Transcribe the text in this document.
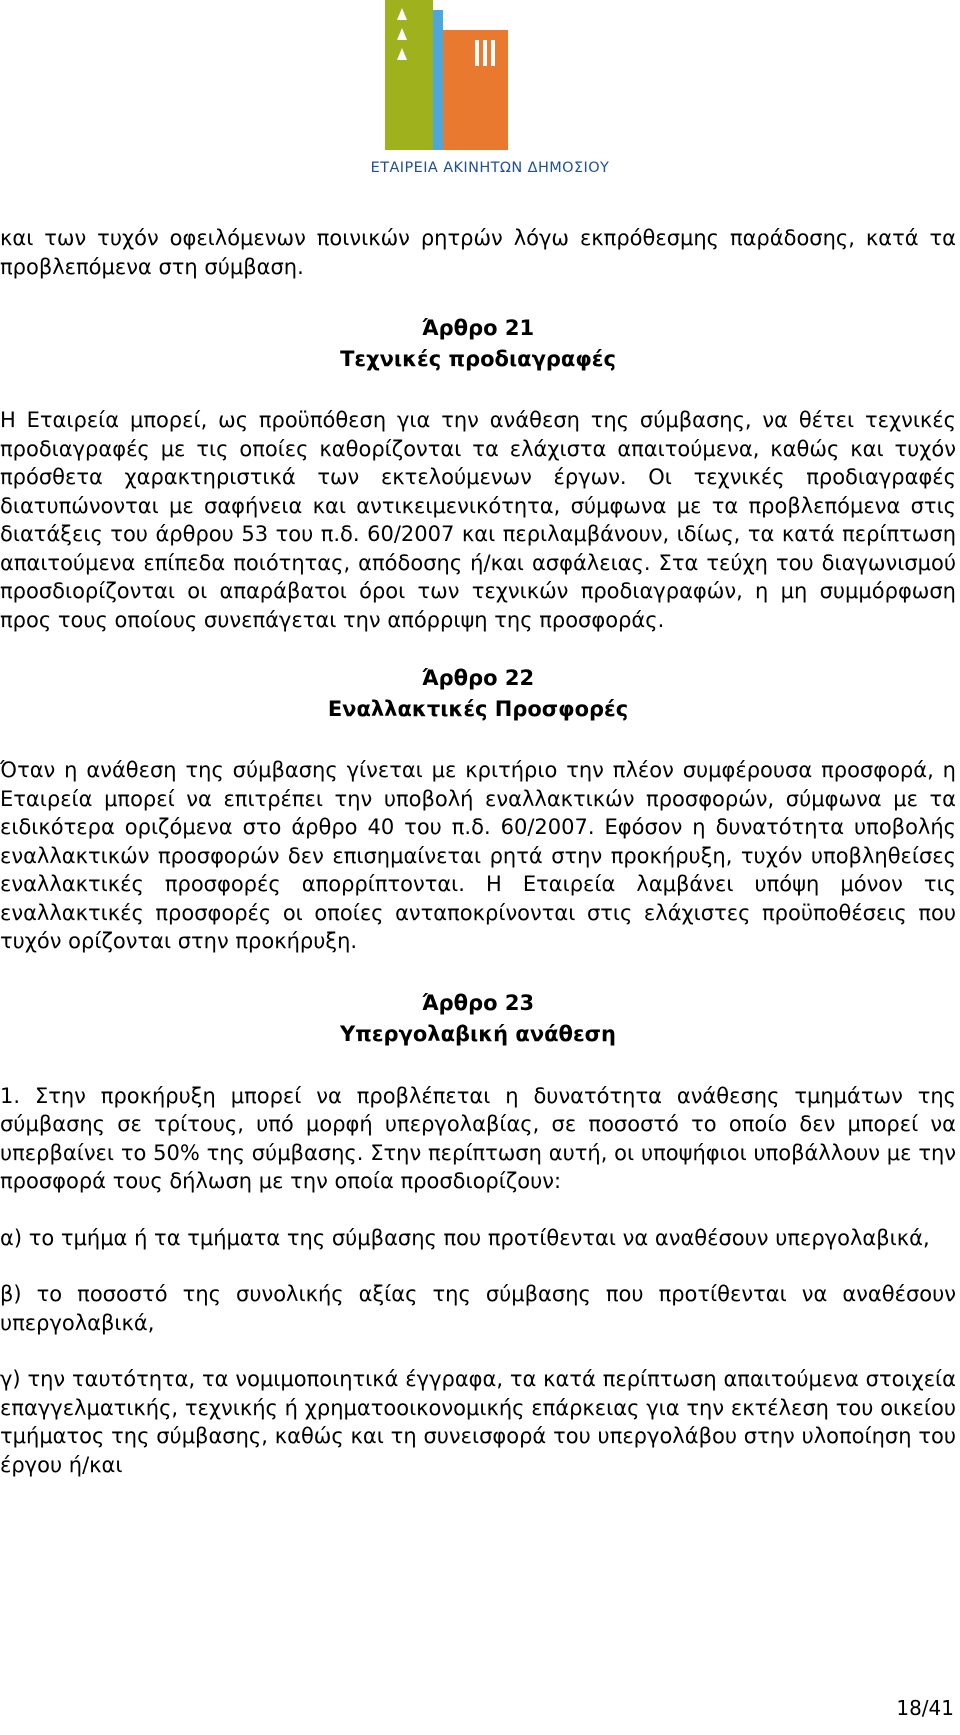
ΕΤΑΙΡΕΙΑ ΑΚΙΝΗΤΩΝ ΔΗΜΟΣΙΟΥ

και των τυχόν οφειλόμενων ποινικών ρητρών λόγω εκπρόθεσμης παράδοσης, κατά τα προβλεπόμενα στη σύμβαση.

Άρθρο 21
Τεχνικές προδιαγραφές

Η Εταιρεία μπορεί, ως προϋπόθεση για την ανάθεση της σύμβασης, να θέτει τεχνικές προδιαγραφές με τις οποίες καθορίζονται τα ελάχιστα απαιτούμενα, καθώς και τυχόν πρόσθετα χαρακτηριστικά των εκτελούμενων έργων. Οι τεχνικές προδιαγραφές διατυπώνονται με σαφήνεια και αντικειμενικότητα, σύμφωνα με τα προβλεπόμενα στις διατάξεις του άρθρου 53 του π.δ. 60/2007 και περιλαμβάνουν, ιδίως, τα κατά περίπτωση απαιτούμενα επίπεδα ποιότητας, απόδοσης ή/και ασφάλειας. Στα τεύχη του διαγωνισμού προσδιορίζονται οι απαράβατοι όροι των τεχνικών προδιαγραφών, η μη συμμόρφωση προς τους οποίους συνεπάγεται την απόρριψη της προσφοράς.

Άρθρο 22
Εναλλακτικές Προσφορές

Όταν η ανάθεση της σύμβασης γίνεται με κριτήριο την πλέον συμφέρουσα προσφορά, η Εταιρεία μπορεί να επιτρέπει την υποβολή εναλλακτικών προσφορών, σύμφωνα με τα ειδικότερα οριζόμενα στο άρθρο 40 του π.δ. 60/2007. Εφόσον η δυνατότητα υποβολής εναλλακτικών προσφορών δεν επισημαίνεται ρητά στην προκήρυξη, τυχόν υποβληθείσες εναλλακτικές προσφορές απορρίπτονται. Η Εταιρεία λαμβάνει υπόψη μόνον τις εναλλακτικές προσφορές οι οποίες ανταποκρίνονται στις ελάχιστες προϋποθέσεις που τυχόν ορίζονται στην προκήρυξη.

Άρθρο 23
Υπεργολαβική ανάθεση

1. Στην προκήρυξη μπορεί να προβλέπεται η δυνατότητα ανάθεσης τμημάτων της σύμβασης σε τρίτους, υπό μορφή υπεργολαβίας, σε ποσοστό το οποίο δεν μπορεί να υπερβαίνει το 50% της σύμβασης. Στην περίπτωση αυτή, οι υποψήφιοι υποβάλλουν με την προσφορά τους δήλωση με την οποία προσδιορίζουν:

α) το τμήμα ή τα τμήματα της σύμβασης που προτίθενται να αναθέσουν υπεργολαβικά,

β) το ποσοστό της συνολικής αξίας της σύμβασης που προτίθενται να αναθέσουν υπεργολαβικά,

γ) την ταυτότητα, τα νομιμοποιητικά έγγραφα, τα κατά περίπτωση απαιτούμενα στοιχεία επαγγελματικής, τεχνικής ή χρηματοοικονομικής επάρκειας για την εκτέλεση του οικείου τμήματος της σύμβασης, καθώς και τη συνεισφορά του υπεργολάβου στην υλοποίηση του έργου ή/και

18/41
